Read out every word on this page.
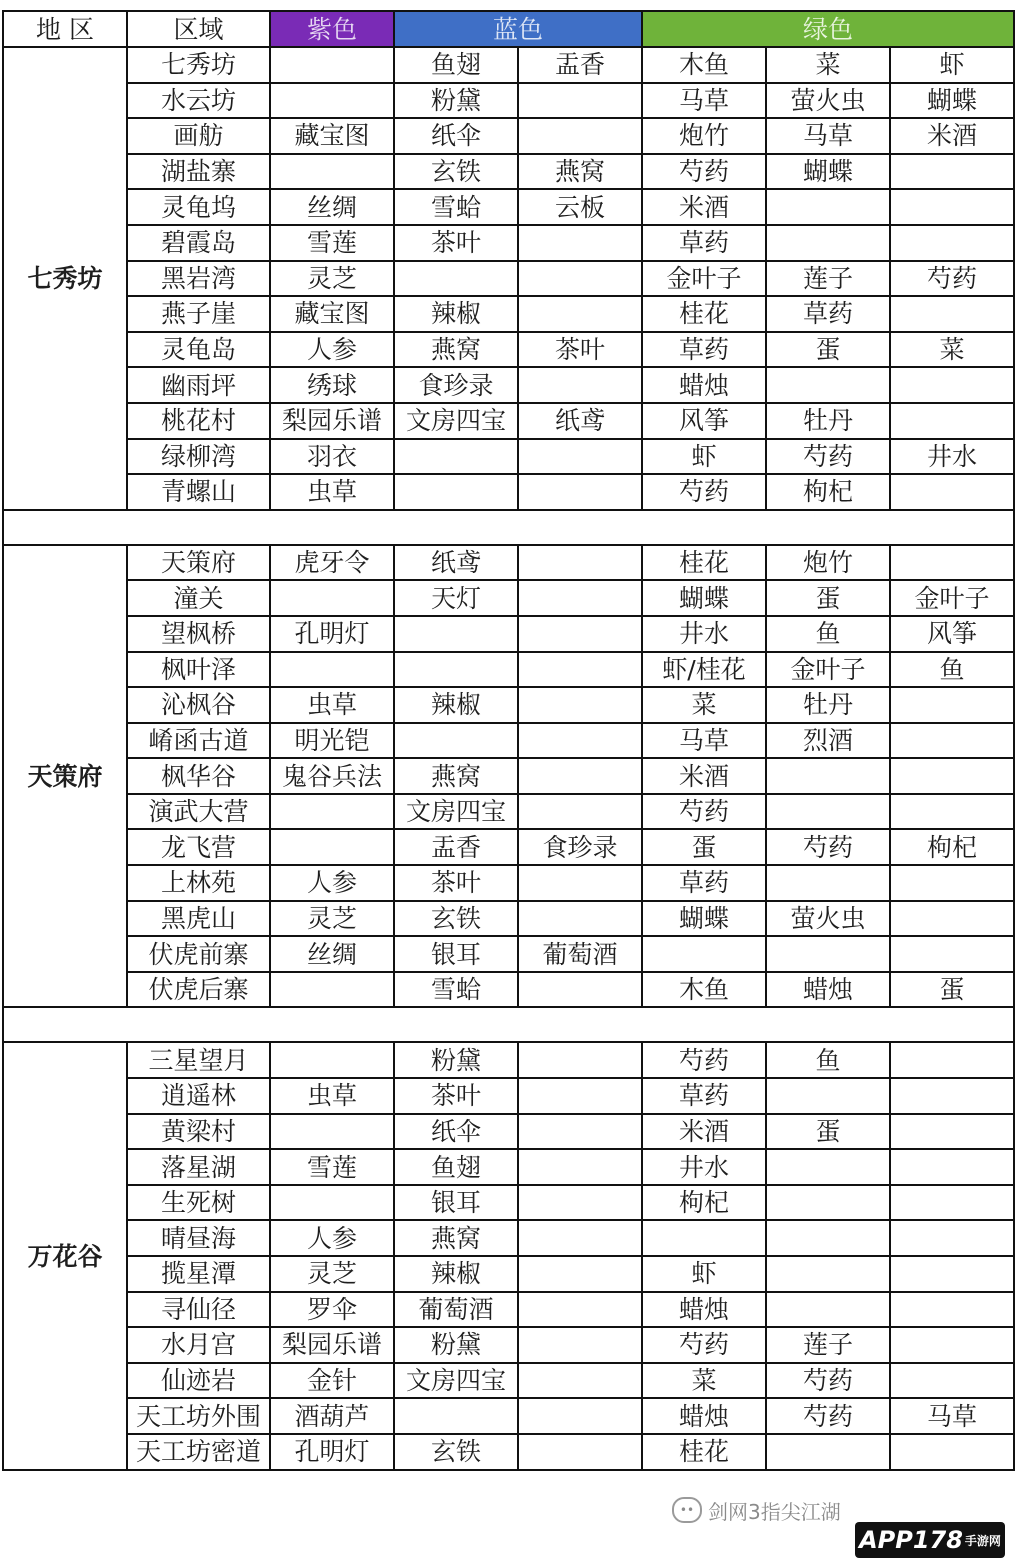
地 区	区域	紫色	蓝色		绿色		
七秀坊	七秀坊		鱼翅	盂香	木鱼	菜	虾
	水云坊		粉黛		马草	萤火虫	蝴蝶
	画舫	藏宝图	纸伞		炮竹	马草	米酒
	湖盐寨		玄铁	燕窝	芍药	蝴蝶	
	灵龟坞	丝绸	雪蛤	云板	米酒		
	碧霞岛	雪莲	茶叶		草药		
	黑岩湾	灵芝			金叶子	莲子	芍药
	燕子崖	藏宝图	辣椒		桂花	草药	
	灵龟岛	人参	燕窝	茶叶	草药	蛋	菜
	幽雨坪	绣球	食珍录		蜡烛		
	桃花村	梨园乐谱	文房四宝	纸鸢	风筝	牡丹	
	绿柳湾	羽衣			虾	芍药	井水
	青螺山	虫草			芍药	枸杞	

天策府	天策府	虎牙令	纸鸢		桂花	炮竹	
	潼关		天灯		蝴蝶	蛋	金叶子
	望枫桥	孔明灯			井水	鱼	风筝
	枫叶泽				虾/桂花	金叶子	鱼
	沁枫谷	虫草	辣椒		菜	牡丹	
	崤函古道	明光铠			马草	烈酒	
	枫华谷	鬼谷兵法	燕窝		米酒		
	演武大营		文房四宝		芍药		
	龙飞营		盂香	食珍录	蛋	芍药	枸杞
	上林苑	人参	茶叶		草药		
	黑虎山	灵芝	玄铁		蝴蝶	萤火虫	
	伏虎前寨	丝绸	银耳	葡萄酒			
	伏虎后寨		雪蛤		木鱼	蜡烛	蛋

万花谷	三星望月		粉黛		芍药	鱼	
	逍遥林	虫草	茶叶		草药		
	黄梁村		纸伞		米酒	蛋	
	落星湖	雪莲	鱼翅		井水		
	生死树		银耳		枸杞		
	晴昼海	人参	燕窝				
	揽星潭	灵芝	辣椒		虾		
	寻仙径	罗伞	葡萄酒		蜡烛		
	水月宫	梨园乐谱	粉黛		芍药	莲子	
	仙迹岩	金针	文房四宝		菜	芍药	
	天工坊外围	酒葫芦			蜡烛	芍药	马草
	天工坊密道	孔明灯	玄铁		桂花		
•• 剑网3指尖江湖
APP178 手游网
